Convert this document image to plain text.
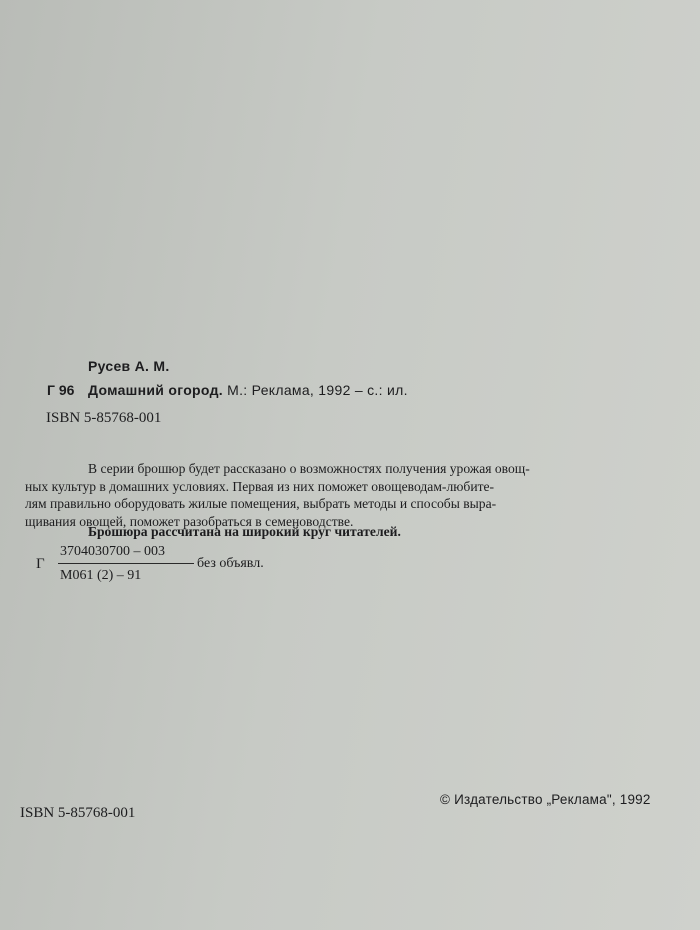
Русев А. М.
Г 96 Домашний огород. М.: Реклама, 1992 – с.: ил.
ISBN 5-85768-001

В серии брошюр будет рассказано о возможностях получения урожая овощ-

ных культур в домашних условиях. Первая из них поможет овощеводам-любите-

лям правильно оборудовать жилые помещения, выбрать методы и способы выра-

щивания овощей, поможет разобраться в семеноводстве.

Брошюра рассчитана на широкий круг читателей.
Г
3704030700 – 003
М061 (2) – 91
без объявл.
ISBN 5-85768-001
© Издательство „Реклама", 1992
